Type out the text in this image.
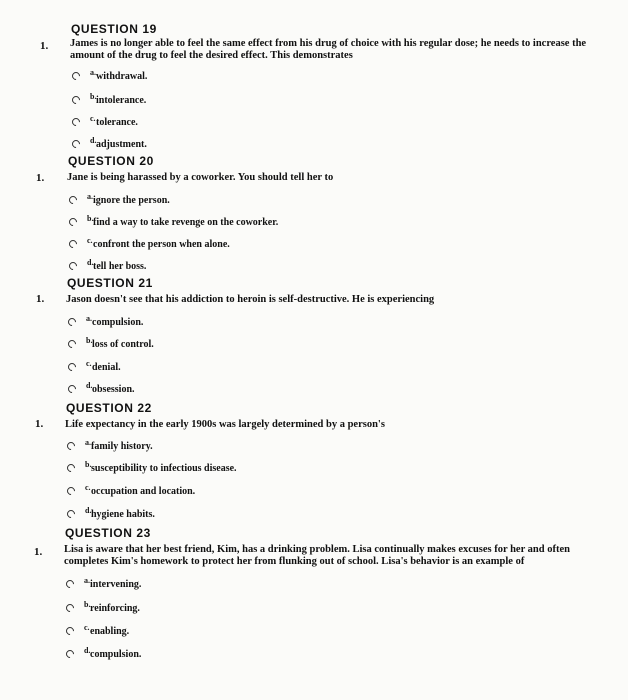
QUESTION 19
1. James is no longer able to feel the same effect from his drug of choice with his regular dose; he needs to increase the amount of the drug to feel the desired effect. This demonstrates
a. withdrawal.
b. intolerance.
c. tolerance.
d. adjustment.
QUESTION 20
1. Jane is being harassed by a coworker. You should tell her to
a. ignore the person.
b. find a way to take revenge on the coworker.
c. confront the person when alone.
d. tell her boss.
QUESTION 21
1. Jason doesn't see that his addiction to heroin is self-destructive. He is experiencing
a. compulsion.
b. loss of control.
c. denial.
d. obsession.
QUESTION 22
1. Life expectancy in the early 1900s was largely determined by a person's
a. family history.
b. susceptibility to infectious disease.
c. occupation and location.
d. hygiene habits.
QUESTION 23
1. Lisa is aware that her best friend, Kim, has a drinking problem. Lisa continually makes excuses for her and often completes Kim's homework to protect her from flunking out of school. Lisa's behavior is an example of
a. intervening.
b. reinforcing.
c. enabling.
d. compulsion.
